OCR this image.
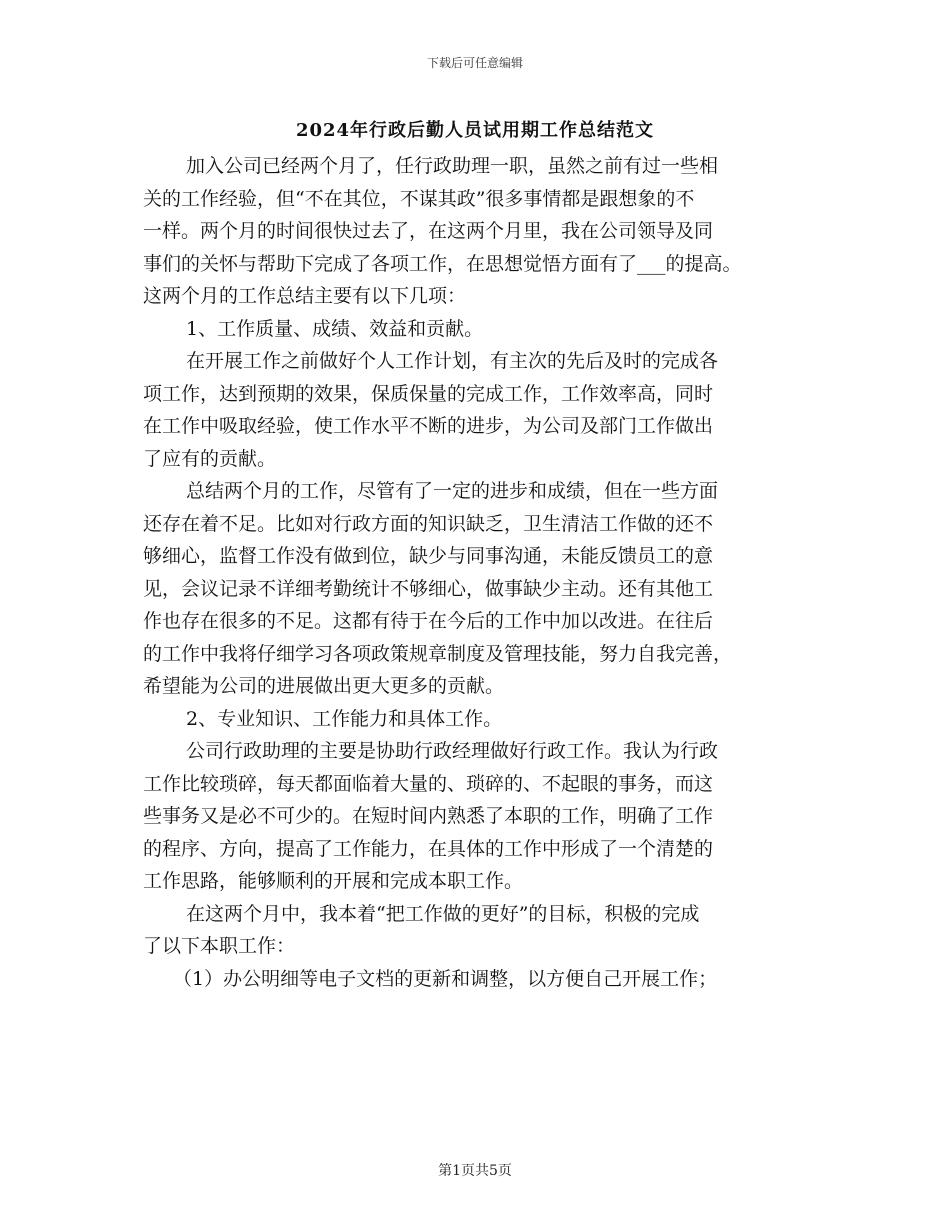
下载后可任意编辑
2024年行政后勤人员试用期工作总结范文
加入公司已经两个月了，任行政助理一职，虽然之前有过一些相
关的工作经验，但“不在其位，不谋其政”很多事情都是跟想象的不
一样。两个月的时间很快过去了，在这两个月里，我在公司领导及同
事们的关怀与帮助下完成了各项工作，在思想觉悟方面有了___的提高。
这两个月的工作总结主要有以下几项：
1、工作质量、成绩、效益和贡献。
在开展工作之前做好个人工作计划，有主次的先后及时的完成各
项工作，达到预期的效果，保质保量的完成工作，工作效率高，同时
在工作中吸取经验，使工作水平不断的进步，为公司及部门工作做出
了应有的贡献。
总结两个月的工作，尽管有了一定的进步和成绩，但在一些方面
还存在着不足。比如对行政方面的知识缺乏，卫生清洁工作做的还不
够细心，监督工作没有做到位，缺少与同事沟通，未能反馈员工的意
见，会议记录不详细考勤统计不够细心，做事缺少主动。还有其他工
作也存在很多的不足。这都有待于在今后的工作中加以改进。在往后
的工作中我将仔细学习各项政策规章制度及管理技能，努力自我完善，
希望能为公司的进展做出更大更多的贡献。
2、专业知识、工作能力和具体工作。
公司行政助理的主要是协助行政经理做好行政工作。我认为行政
工作比较琐碎，每天都面临着大量的、琐碎的、不起眼的事务，而这
些事务又是必不可少的。在短时间内熟悉了本职的工作，明确了工作
的程序、方向，提高了工作能力，在具体的工作中形成了一个清楚的
工作思路，能够顺利的开展和完成本职工作。
在这两个月中，我本着“把工作做的更好”的目标，积极的完成
了以下本职工作：
（1）办公明细等电子文档的更新和调整，以方便自己开展工作；
第1页共5页
